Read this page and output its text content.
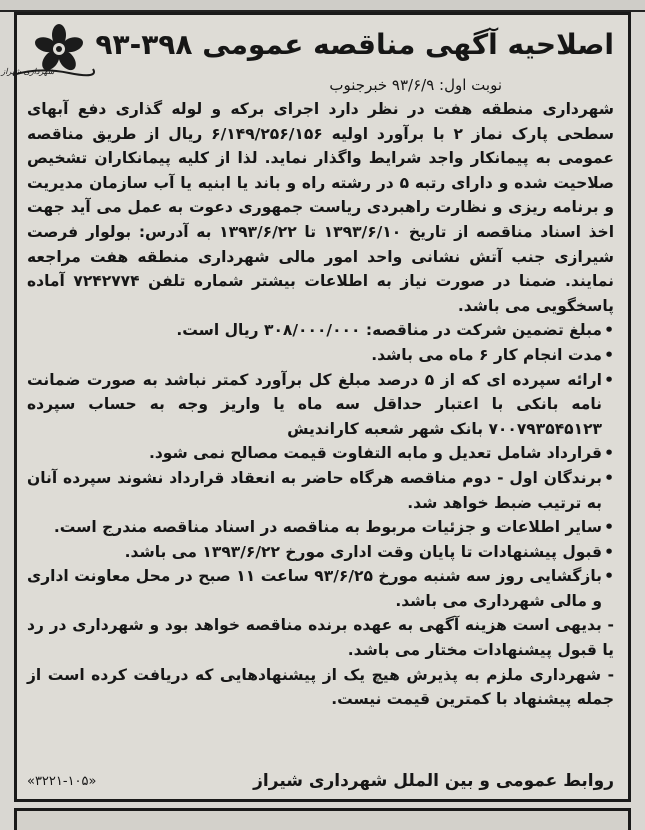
اصلاحیه آگهی مناقصه عمومی ۳۹۸-۹۳
شهرداری شیراز
نوبت اول: ۹۳/۶/۹ خبرجنوب

شهرداری منطقه هفت در نظر دارد اجرای برکه و لوله گذاری دفع آبهای سطحی پارک نماز ۲ با برآورد اولیه ۶/۱۴۹/۲۵۶/۱۵۶ ریال از طریق مناقصه عمومی به پیمانکار واجد شرایط واگذار نماید. لذا از کلیه پیمانکاران تشخیص صلاحیت شده و دارای رتبه ۵ در رشته راه و باند یا ابنیه یا آب سازمان مدیریت و برنامه ریزی و نظارت راهبردی ریاست جمهوری دعوت به عمل می آید جهت اخذ اسناد مناقصه از تاریخ ۱۳۹۳/۶/۱۰ تا ۱۳۹۳/۶/۲۲ به آدرس: بولوار فرصت شیرازی جنب آتش نشانی واحد امور مالی شهرداری منطقه هفت مراجعه نمایند. ضمنا در صورت نیاز به اطلاعات بیشتر شماره تلفن ۷۲۴۲۷۷۴ آماده پاسخگویی می باشد.

• مبلغ تضمین شرکت در مناقصه: ۳۰۸/۰۰۰/۰۰۰ ریال است.
• مدت انجام کار ۶ ماه می باشد.
• ارائه سپرده ای که از ۵ درصد مبلغ کل برآورد کمتر نباشد به صورت ضمانت نامه بانکی با اعتبار حداقل سه ماه یا واریز وجه به حساب سپرده ۷۰۰۷۹۳۵۴۵۱۲۳ بانک شهر شعبه کاراندیش
• قرارداد شامل تعدیل و مابه التفاوت قیمت مصالح نمی شود.
• برندگان اول - دوم مناقصه هرگاه حاضر به انعقاد قرارداد نشوند سپرده آنان به ترتیب ضبط خواهد شد.
• سایر اطلاعات و جزئیات مربوط به مناقصه در اسناد مناقصه مندرج است.
• قبول پیشنهادات تا پایان وقت اداری مورخ ۱۳۹۳/۶/۲۲ می باشد.
• بازگشایی روز سه شنبه مورخ ۹۳/۶/۲۵ ساعت ۱۱ صبح در محل معاونت اداری و مالی شهرداری می باشد.

- بدیهی است هزینه آگهی به عهده برنده مناقصه خواهد بود و شهرداری در رد یا قبول پیشنهادات مختار می باشد.

- شهرداری ملزم به پذیرش هیچ یک از پیشنهادهایی که دریافت کرده است از جمله پیشنهاد با کمترین قیمت نیست.

روابط عمومی و بین الملل شهرداری شیراز
«۳۲۲۱-۱۰۵»
